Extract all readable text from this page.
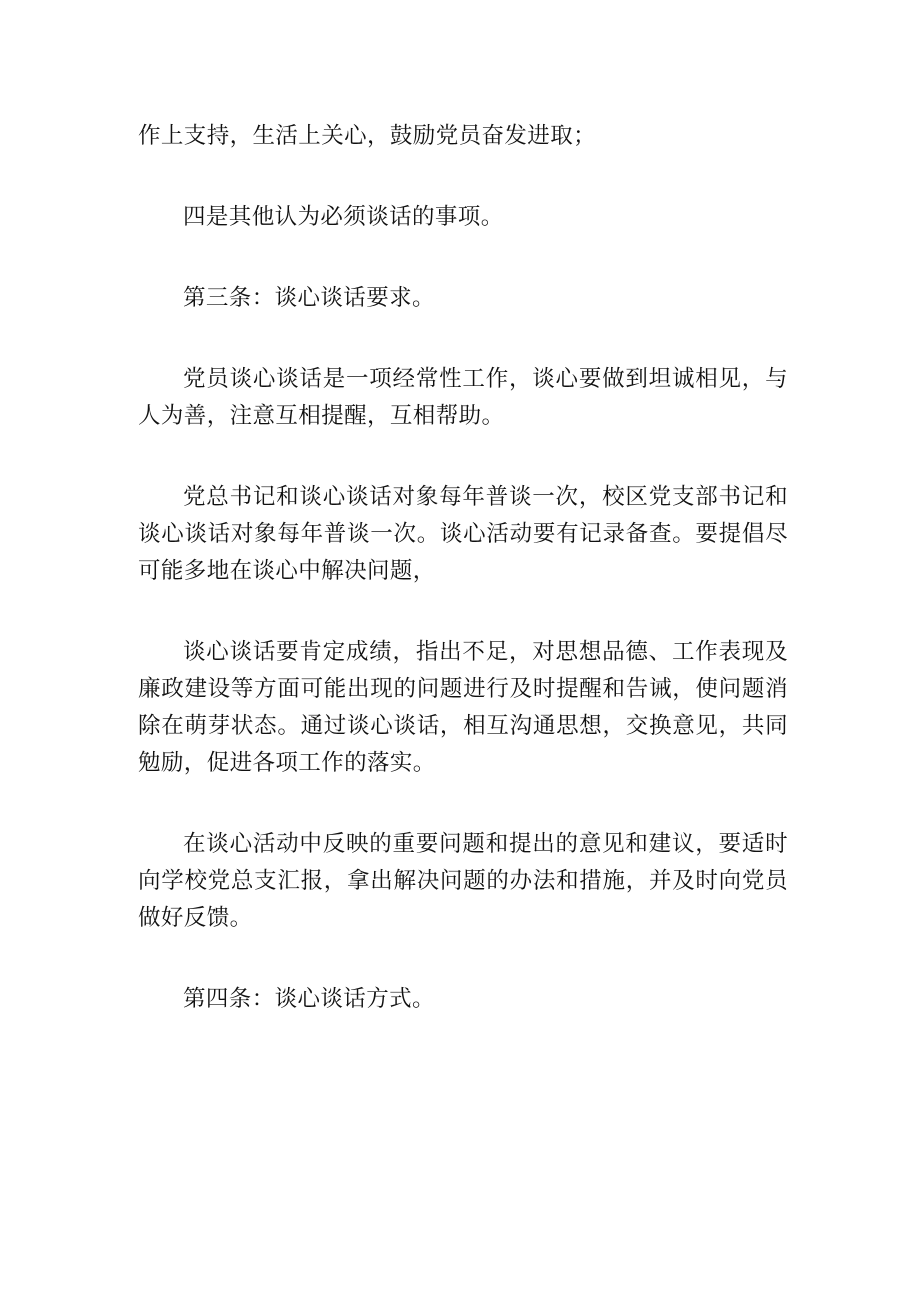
作上支持，生活上关心，鼓励党员奋发进取；

四是其他认为必须谈话的事项。

第三条：谈心谈话要求。

党员谈心谈话是一项经常性工作，谈心要做到坦诚相见，与人为善，注意互相提醒，互相帮助。

党总书记和谈心谈话对象每年普谈一次，校区党支部书记和谈心谈话对象每年普谈一次。谈心活动要有记录备查。要提倡尽可能多地在谈心中解决问题，

谈心谈话要肯定成绩，指出不足，对思想品德、工作表现及廉政建设等方面可能出现的问题进行及时提醒和告诫，使问题消除在萌芽状态。通过谈心谈话，相互沟通思想，交换意见，共同勉励，促进各项工作的落实。

在谈心活动中反映的重要问题和提出的意见和建议，要适时向学校党总支汇报，拿出解决问题的办法和措施，并及时向党员做好反馈。

第四条：谈心谈话方式。
